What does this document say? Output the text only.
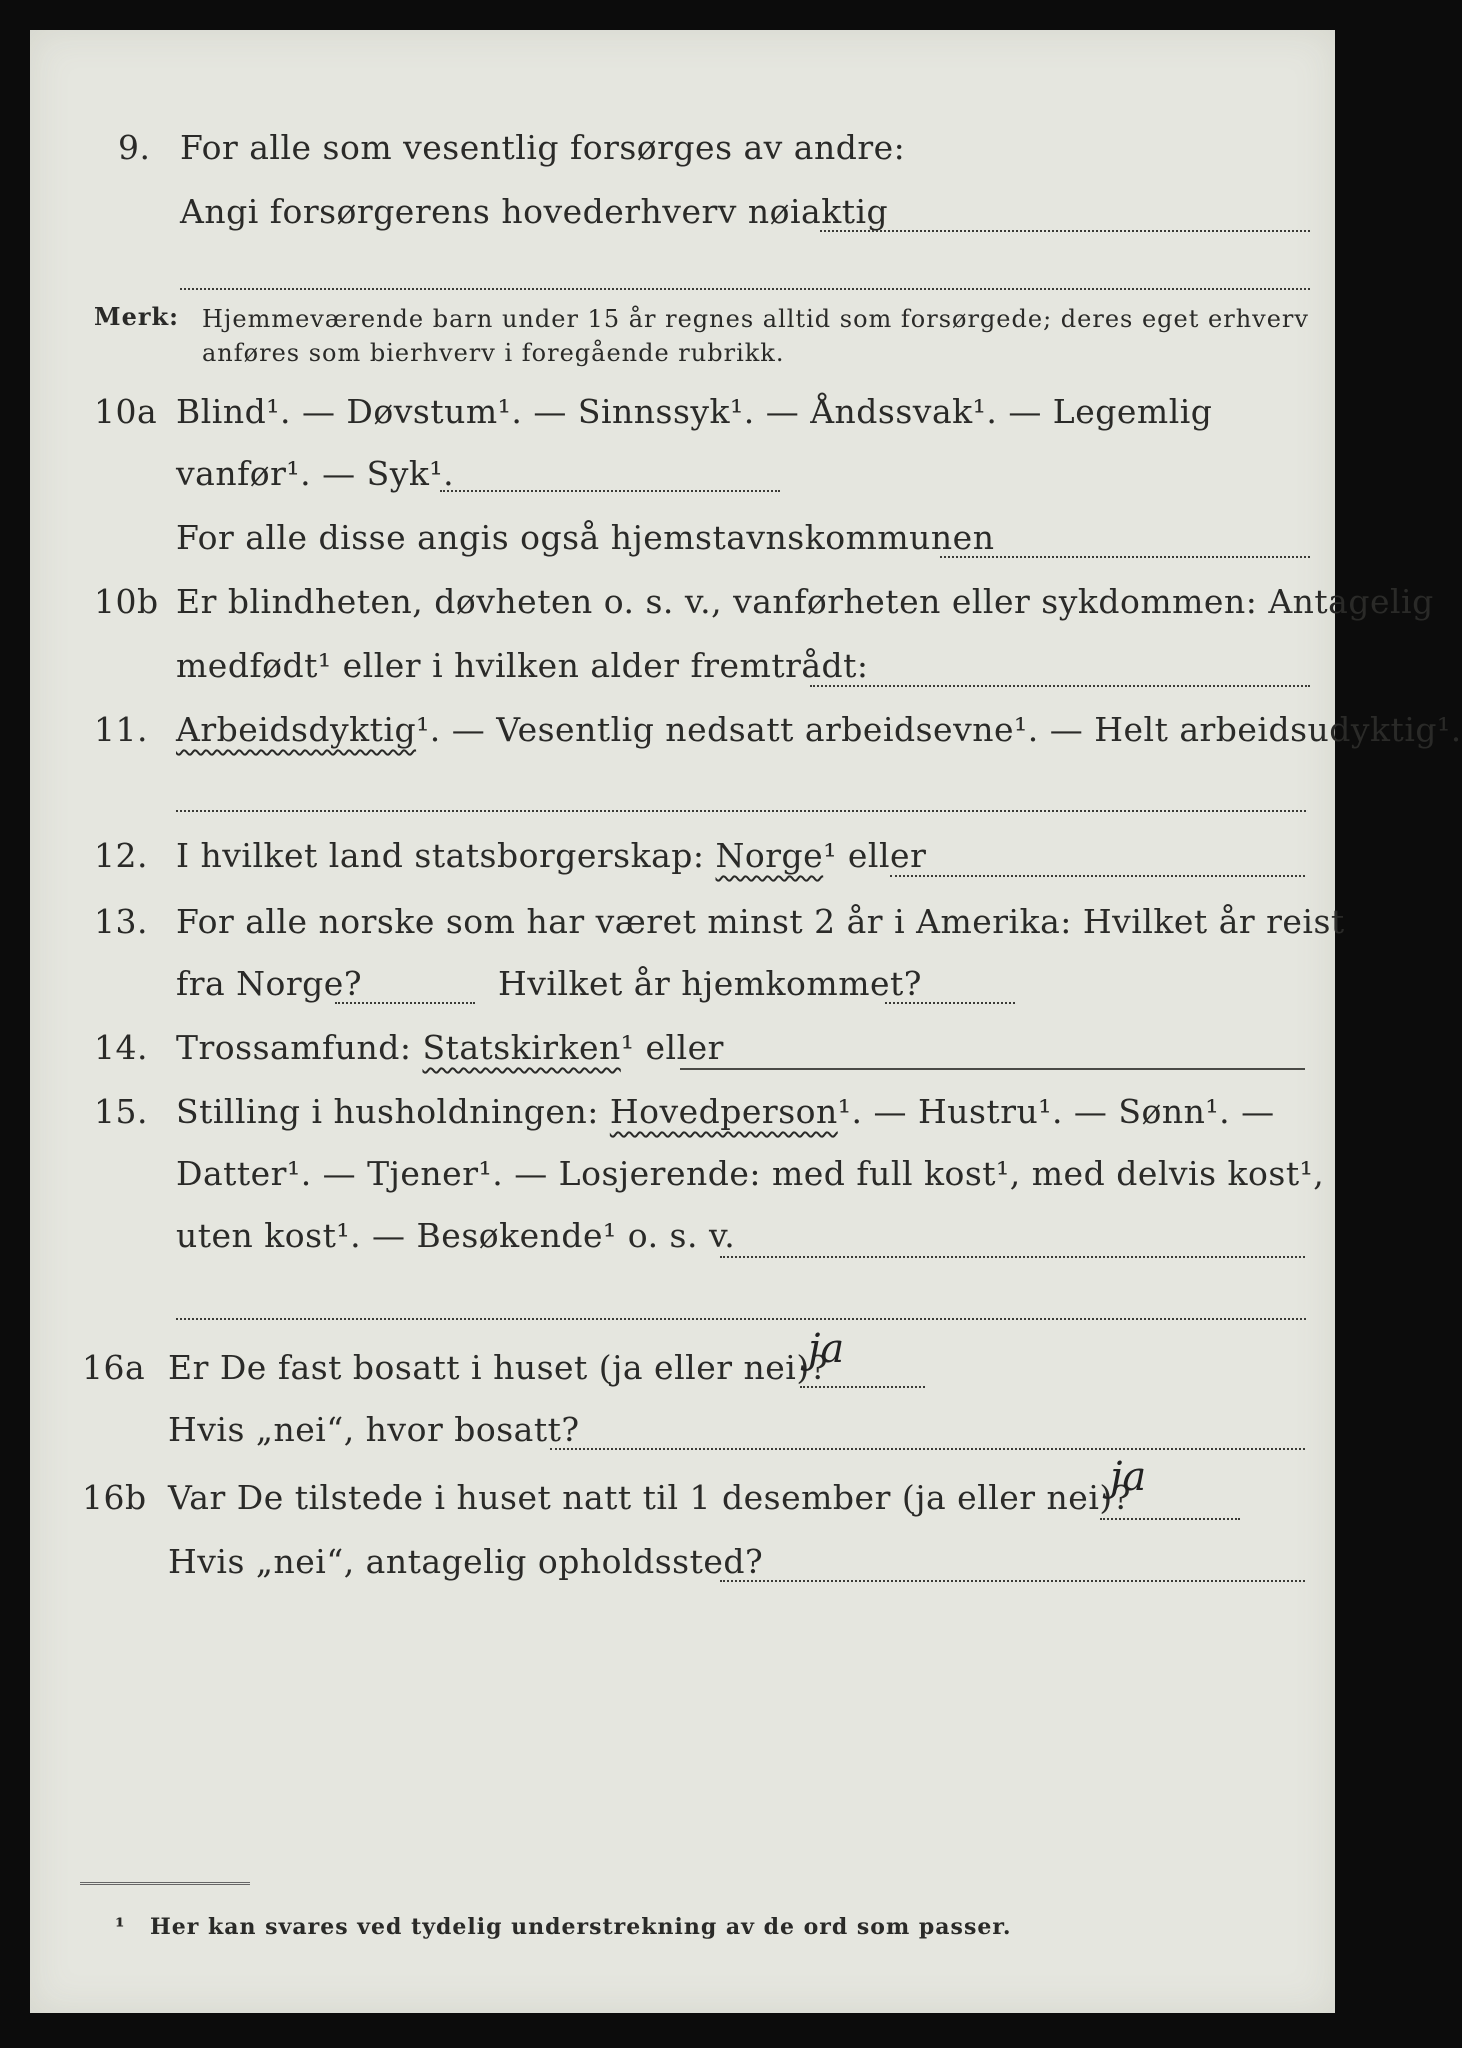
9. For alle som vesentlig forsørges av andre:
Angi forsørgerens hovederhverv nøiaktig
Merk: Hjemmeværende barn under 15 år regnes alltid som forsørgede; deres eget erhverv
anføres som bierhverv i foregående rubrikk.
10a Blind¹. — Døvstum¹. — Sinnssyk¹. — Åndssvak¹. — Legemlig
vanfør¹. — Syk¹.
For alle disse angis også hjemstavnskommunen
10b Er blindheten, døvheten o. s. v., vanførheten eller sykdommen: Antagelig
medfødt¹ eller i hvilken alder fremtrådt:
11. Arbeidsdyktig¹. — Vesentlig nedsatt arbeidsevne¹. — Helt arbeidsudyktig¹.
12. I hvilket land statsborgerskap: Norge¹ eller
13. For alle norske som har været minst 2 år i Amerika: Hvilket år reist
fra Norge?	Hvilket år hjemkommet?
14. Trossamfund: Statskirken¹ eller
15. Stilling i husholdningen: Hovedperson¹. — Hustru¹. — Sønn¹. —
Datter¹. — Tjener¹. — Losjerende: med full kost¹, med delvis kost¹,
uten kost¹. — Besøkende¹ o. s. v.
16a Er De fast bosatt i huset (ja eller nei)?
ja
Hvis „nei“, hvor bosatt?
16b Var De tilstede i huset natt til 1 desember (ja eller nei)?
ja
Hvis „nei“, antagelig opholdssted?
¹ Her kan svares ved tydelig understrekning av de ord som passer.
